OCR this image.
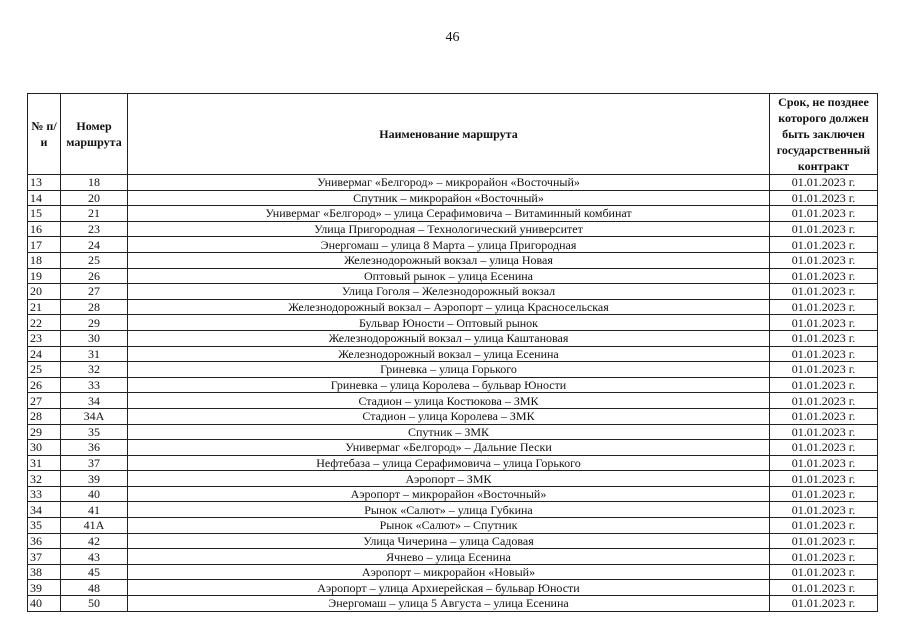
46
№ п/и	Номер маршрута	Наименование маршрута	Срок, не позднее которого должен быть заключен государственный контракт
13	18	Универмаг «Белгород» – микрорайон «Восточный»	01.01.2023 г.
14	20	Спутник – микрорайон «Восточный»	01.01.2023 г.
15	21	Универмаг «Белгород» – улица Серафимовича – Витаминный комбинат	01.01.2023 г.
16	23	Улица Пригородная – Технологический университет	01.01.2023 г.
17	24	Энергомаш – улица 8 Марта – улица Пригородная	01.01.2023 г.
18	25	Железнодорожный вокзал – улица Новая	01.01.2023 г.
19	26	Оптовый рынок – улица Есенина	01.01.2023 г.
20	27	Улица Гоголя – Железнодорожный вокзал	01.01.2023 г.
21	28	Железнодорожный вокзал – Аэропорт – улица Красносельская	01.01.2023 г.
22	29	Бульвар Юности – Оптовый рынок	01.01.2023 г.
23	30	Железнодорожный вокзал – улица Каштановая	01.01.2023 г.
24	31	Железнодорожный вокзал – улица Есенина	01.01.2023 г.
25	32	Гриневка – улица Горького	01.01.2023 г.
26	33	Гриневка – улица Королева – бульвар Юности	01.01.2023 г.
27	34	Стадион – улица Костюкова – ЗМК	01.01.2023 г.
28	34А	Стадион – улица Королева – ЗМК	01.01.2023 г.
29	35	Спутник – ЗМК	01.01.2023 г.
30	36	Универмаг «Белгород» – Дальние Пески	01.01.2023 г.
31	37	Нефтебаза – улица Серафимовича – улица Горького	01.01.2023 г.
32	39	Аэропорт – ЗМК	01.01.2023 г.
33	40	Аэропорт – микрорайон «Восточный»	01.01.2023 г.
34	41	Рынок «Салют» – улица Губкина	01.01.2023 г.
35	41А	Рынок «Салют» – Спутник	01.01.2023 г.
36	42	Улица Чичерина – улица Садовая	01.01.2023 г.
37	43	Ячнево – улица Есенина	01.01.2023 г.
38	45	Аэропорт – микрорайон «Новый»	01.01.2023 г.
39	48	Аэропорт – улица Архиерейская – бульвар Юности	01.01.2023 г.
40	50	Энергомаш – улица 5 Августа – улица Есенина	01.01.2023 г.
